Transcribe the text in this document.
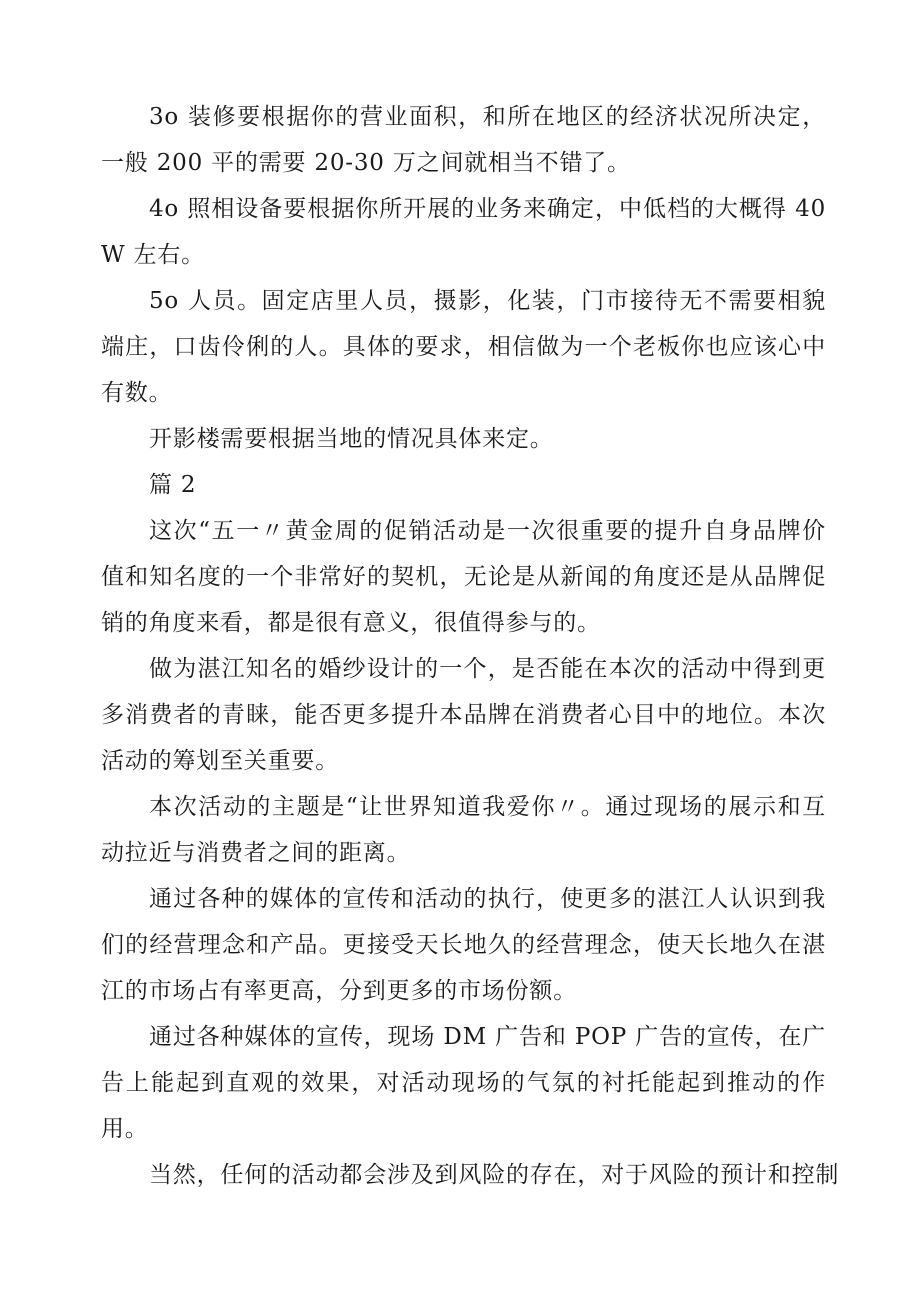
3o 装修要根据你的营业面积，和所在地区的经济状况所决定，一般 200 平的需要 20-30 万之间就相当不错了。

4o 照相设备要根据你所开展的业务来确定，中低档的大概得 40W 左右。

5o 人员。固定店里人员，摄影，化装，门市接待无不需要相貌端庄，口齿伶俐的人。具体的要求，相信做为一个老板你也应该心中有数。

开影楼需要根据当地的情况具体来定。

篇 2

这次“五一〃黄金周的促销活动是一次很重要的提升自身品牌价值和知名度的一个非常好的契机，无论是从新闻的角度还是从品牌促销的角度来看，都是很有意义，很值得参与的。

做为湛江知名的婚纱设计的一个，是否能在本次的活动中得到更多消费者的青睐，能否更多提升本品牌在消费者心目中的地位。本次活动的筹划至关重要。

本次活动的主题是“让世界知道我爱你〃。通过现场的展示和互动拉近与消费者之间的距离。

通过各种的媒体的宣传和活动的执行，使更多的湛江人认识到我们的经营理念和产品。更接受天长地久的经营理念，使天长地久在湛江的市场占有率更高，分到更多的市场份额。

通过各种媒体的宣传，现场 DM 广告和 POP 广告的宣传，在广告上能起到直观的效果，对活动现场的气氛的衬托能起到推动的作用。

当然，任何的活动都会涉及到风险的存在，对于风险的预计和控制
